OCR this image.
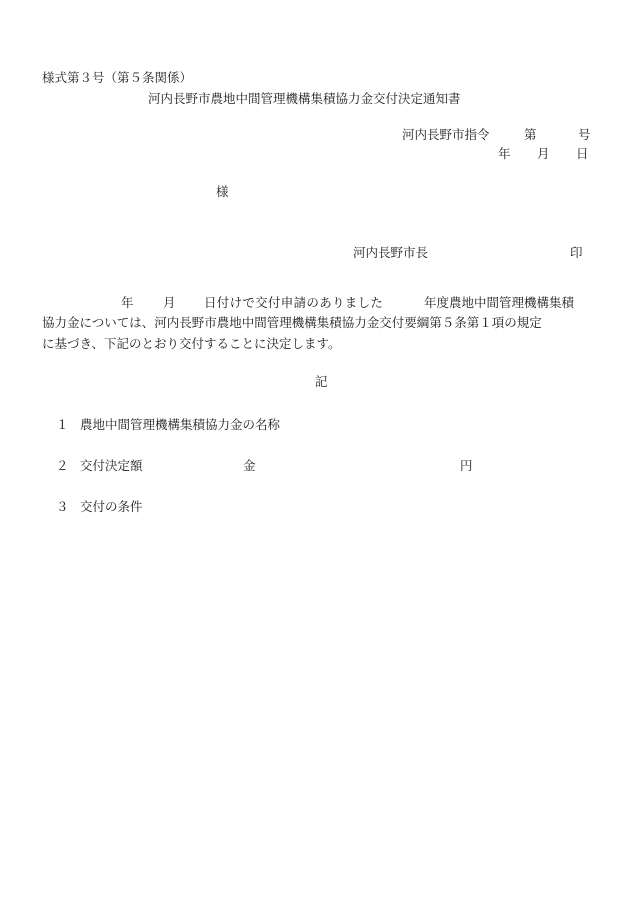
様式第３号（第５条関係）
河内長野市農地中間管理機構集積協力金交付決定通知書
河内長野市指令	第	号
年 月 日
様
河内長野市長	印
年 月 日付けで交付申請のありました	年度農地中間管理機構集積
協力金については、河内長野市農地中間管理機構集積協力金交付要綱第５条第１項の規定
に基づき、下記のとおり交付することに決定します。
記
１ 農地中間管理機構集積協力金の名称
２ 交付決定額	金	円
３ 交付の条件
